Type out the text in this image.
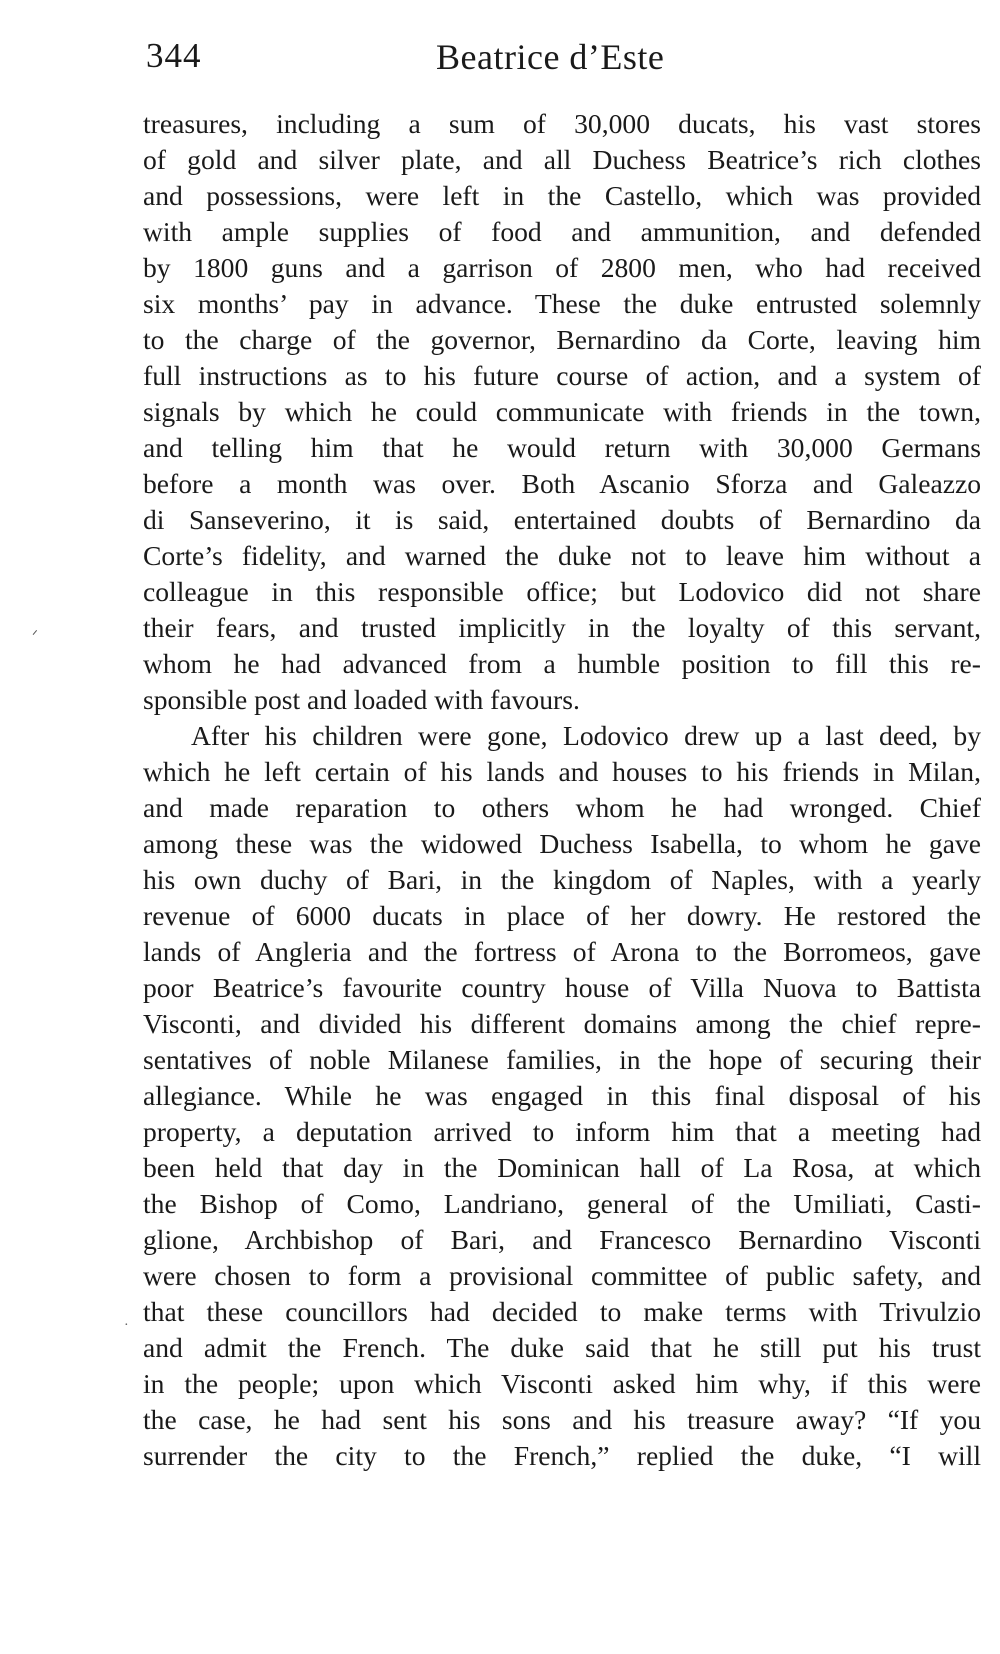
344	Beatrice d’Este
ᐟ
·
treasures, including a sum of 30,000 ducats, his vast stores
of gold and silver plate, and all Duchess Beatrice’s rich clothes
and possessions, were left in the Castello, which was provided
with ample supplies of food and ammunition, and defended
by 1800 guns and a garrison of 2800 men, who had received
six months’ pay in advance. These the duke entrusted solemnly
to the charge of the governor, Bernardino da Corte, leaving him
full instructions as to his future course of action, and a system of
signals by which he could communicate with friends in the town,
and telling him that he would return with 30,000 Germans
before a month was over. Both Ascanio Sforza and Galeazzo
di Sanseverino, it is said, entertained doubts of Bernardino da
Corte’s fidelity, and warned the duke not to leave him without a
colleague in this responsible office; but Lodovico did not share
their fears, and trusted implicitly in the loyalty of this servant,
whom he had advanced from a humble position to fill this re-
sponsible post and loaded with favours.
After his children were gone, Lodovico drew up a last deed, by
which he left certain of his lands and houses to his friends in Milan,
and made reparation to others whom he had wronged. Chief
among these was the widowed Duchess Isabella, to whom he gave
his own duchy of Bari, in the kingdom of Naples, with a yearly
revenue of 6000 ducats in place of her dowry. He restored the
lands of Angleria and the fortress of Arona to the Borromeos, gave
poor Beatrice’s favourite country house of Villa Nuova to Battista
Visconti, and divided his different domains among the chief repre-
sentatives of noble Milanese families, in the hope of securing their
allegiance. While he was engaged in this final disposal of his
property, a deputation arrived to inform him that a meeting had
been held that day in the Dominican hall of La Rosa, at which
the Bishop of Como, Landriano, general of the Umiliati, Casti-
glione, Archbishop of Bari, and Francesco Bernardino Visconti
were chosen to form a provisional committee of public safety, and
that these councillors had decided to make terms with Trivulzio
and admit the French. The duke said that he still put his trust
in the people; upon which Visconti asked him why, if this were
the case, he had sent his sons and his treasure away? “If you
surrender the city to the French,” replied the duke, “I will
